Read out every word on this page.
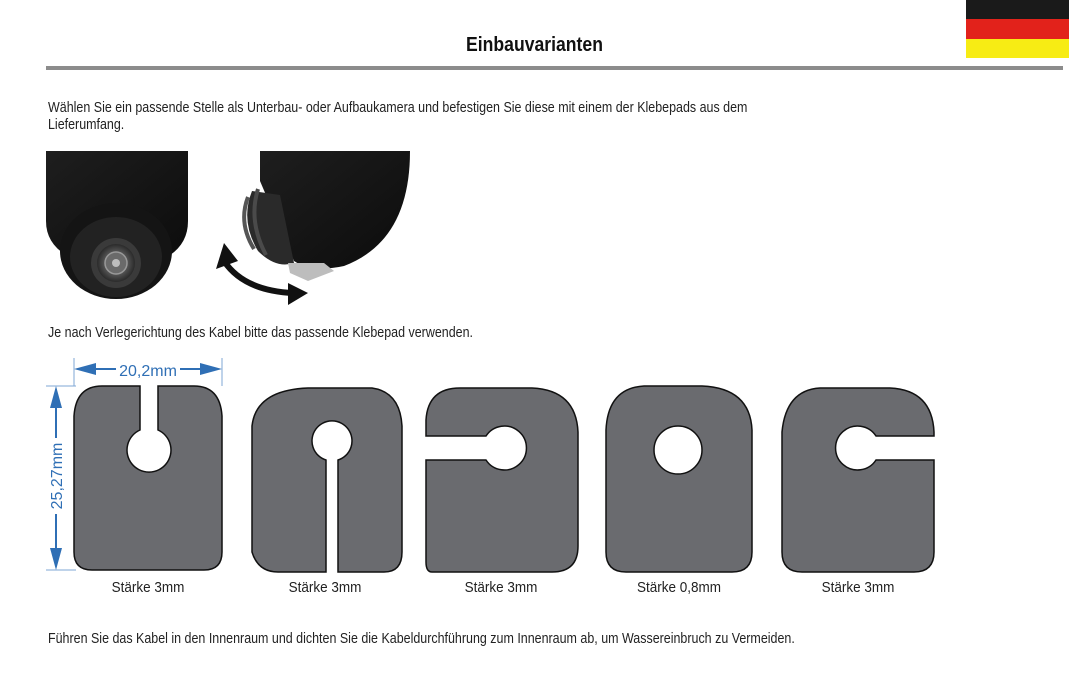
Einbauvarianten
Wählen Sie ein passende Stelle als Unterbau- oder Aufbaukamera und befestigen Sie diese mit einem der Klebepads aus dem
Lieferumfang.
Je nach Verlegerichtung des Kabel bitte das passende Klebepad verwenden.
20,2mm
25,27mm
Stärke 3mm	Stärke 3mm	Stärke 3mm	Stärke 0,8mm	Stärke 3mm
Führen Sie das Kabel in den Innenraum und dichten Sie die Kabeldurchführung zum Innenraum ab, um Wassereinbruch zu Vermeiden.
